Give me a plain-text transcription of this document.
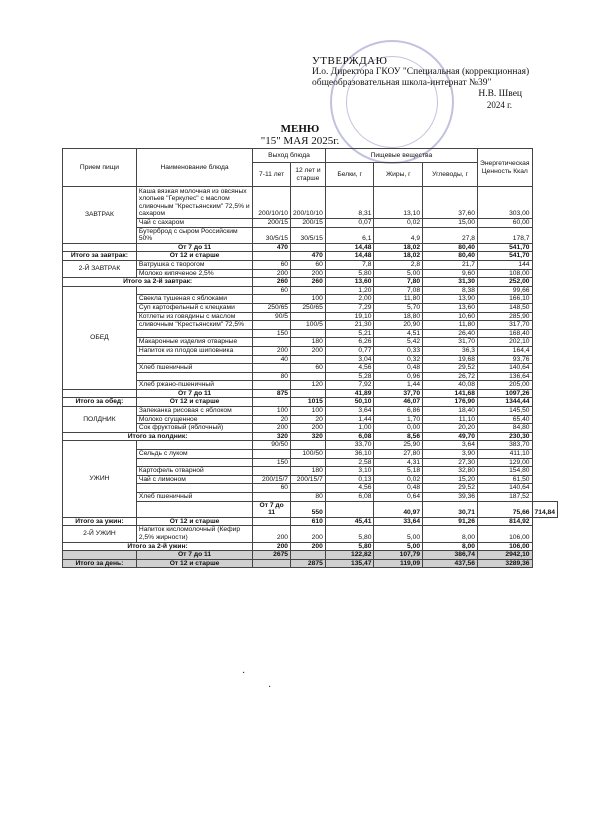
УТВЕРЖДАЮ
И.о. Директора ГКОУ "Специальная (коррекционная)
общеобразовательная школа-интернат №39"
Н.В. Швец
2024 г.
МЕНЮ
"15" МАЯ 2025г.
Прием пищи	Наименование блюда	Выход блюда		Пищевые вещества			Энергетическая Ценность Ккал	
		7-11 лет	12 лет и старше	Белки, г	Жиры, г	Углеводы, г		
ЗАВТРАК	Каша вязкая молочная из овсяных хлопьев "Геркулес" с маслом сливочным "Крестьянским" 72,5% и сахаром	200/10/10	200/10/10	8,31	13,10	37,60	303,00	
	Чай с сахаром	200/15	200/15	0,07	0,02	15,00	60,00	
	Бутерброд с сыром Российским 50%	30/5/15	30/5/15	6,1	4,9	27,8	178,7	
	От 7 до 11	470		14,48	18,02	80,40	541,70	
Итого за завтрак:	От 12 и старше		470	14,48	18,02	80,40	541,70	
2-Й ЗАВТРАК	Ватрушка с творогом	60	60	7,8	2,8	21,7	144	
	Молоко кипяченое 2,5%	200	200	5,80	5,00	9,60	108,00	
Итого за 2-й завтрак:		260	260	13,60	7,80	31,30	252,00	
ОБЕД		60		1,20	7,08	8,38	99,66	
	Свекла тушеная с яблоками		100	2,00	11,80	13,90	166,10	
	Суп картофельный с клецками	250/65	250/65	7,29	5,70	13,60	148,50	
	Котлеты из говядины с маслом	90/5		19,10	18,80	10,60	285,90	
	сливочным "Крестьянским" 72,5%		100/5	21,30	20,90	11,80	317,70	
		150		5,21	4,51	26,40	168,40	
	Макаронные изделия отварные		180	6,26	5,42	31,70	202,10	
	Напиток из плодов шиповника	200	200	0,77	0,33	36,3	164,4	
		40		3,04	0,32	19,68	93,76	
	Хлеб пшеничный		60	4,56	0,48	29,52	140,64	
		80		5,28	0,96	26,72	136,64	
	Хлеб ржано-пшеничный		120	7,92	1,44	40,08	205,00	
	От 7 до 11	875		41,89	37,70	141,68	1097,26	
Итого за обед:	От 12 и старше		1015	50,10	46,07	176,90	1344,44	
ПОЛДНИК	Запеканка рисовая с яблоком	100	100	3,64	6,86	18,40	145,50	
	Молоко сгущенное	20	20	1,44	1,70	11,10	65,40	
	Сок фруктовый (яблочный)	200	200	1,00	0,00	20,20	84,80	
Итого за полдник:		320	320	6,08	8,56	49,70	230,30	
УЖИН		90/50		33,70	25,90	3,64	383,70	
	Сельдь с луком		100/50	36,10	27,80	3,90	411,10	
		150		2,58	4,31	27,30	129,00	
	Картофель отварной		180	3,10	5,18	32,80	154,80	
	Чай с лимоном	200/15/7	200/15/7	0,13	0,02	15,20	61,50	
		60		4,56	0,48	29,52	140,64	
	Хлеб пшеничный		80	6,08	0,64	39,36	187,52	
		От 7 до 11	550		40,97	30,71	75,66	714,84
Итого за ужин:	От 12 и старше		610	45,41	33,64	91,26	814,92	
2-Й УЖИН	Напиток кисломолочный (Кефир 2,5% жирности)	200	200	5,80	5,00	8,00	106,00	
Итого за 2-й ужин:		200	200	5,80	5,00	8,00	106,00	
	От 7 до 11	2675		122,82	107,79	386,74	2942,10	
Итого за день:	От 12 и старше		2875	135,47	119,09	437,56	3289,36	
·
·
